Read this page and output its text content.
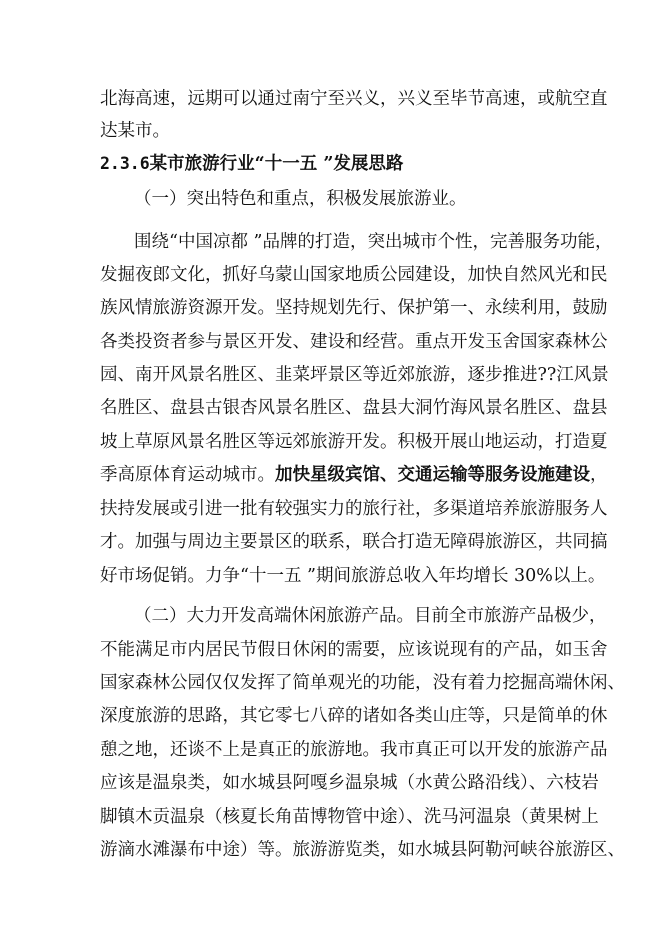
北海高速，远期可以通过南宁至兴义，兴义至毕节高速，或航空直
达某市。
2.3.6某市旅游行业“十一五 ”发展思路
（一）突出特色和重点，积极发展旅游业。
围绕“中国凉都 ”品牌的打造，突出城市个性，完善服务功能，
发掘夜郎文化，抓好乌蒙山国家地质公园建设，加快自然风光和民
族风情旅游资源开发。坚持规划先行、保护第一、永续利用，鼓励
各类投资者参与景区开发、建设和经营。重点开发玉舍国家森林公
园、南开风景名胜区、韭菜坪景区等近郊旅游，逐步推进??江风景
名胜区、盘县古银杏风景名胜区、盘县大洞竹海风景名胜区、盘县
坡上草原风景名胜区等远郊旅游开发。积极开展山地运动，打造夏
季高原体育运动城市。加快星级宾馆、交通运输等服务设施建设，
扶持发展或引进一批有较强实力的旅行社，多渠道培养旅游服务人
才。加强与周边主要景区的联系，联合打造无障碍旅游区，共同搞
好市场促销。力争“十一五 ”期间旅游总收入年均增长 30%以上。
（二）大力开发高端休闲旅游产品。目前全市旅游产品极少，
不能满足市内居民节假日休闲的需要，应该说现有的产品，如玉舍
国家森林公园仅仅发挥了简单观光的功能，没有着力挖掘高端休闲、
深度旅游的思路，其它零七八碎的诸如各类山庄等，只是简单的休
憩之地，还谈不上是真正的旅游地。我市真正可以开发的旅游产品
应该是温泉类，如水城县阿嘎乡温泉城（水黄公路沿线）、六枝岩
脚镇木贡温泉（核夏长角苗博物管中途）、洗马河温泉（黄果树上
游滴水滩瀑布中途）等。旅游游览类，如水城县阿勒河峡谷旅游区、
